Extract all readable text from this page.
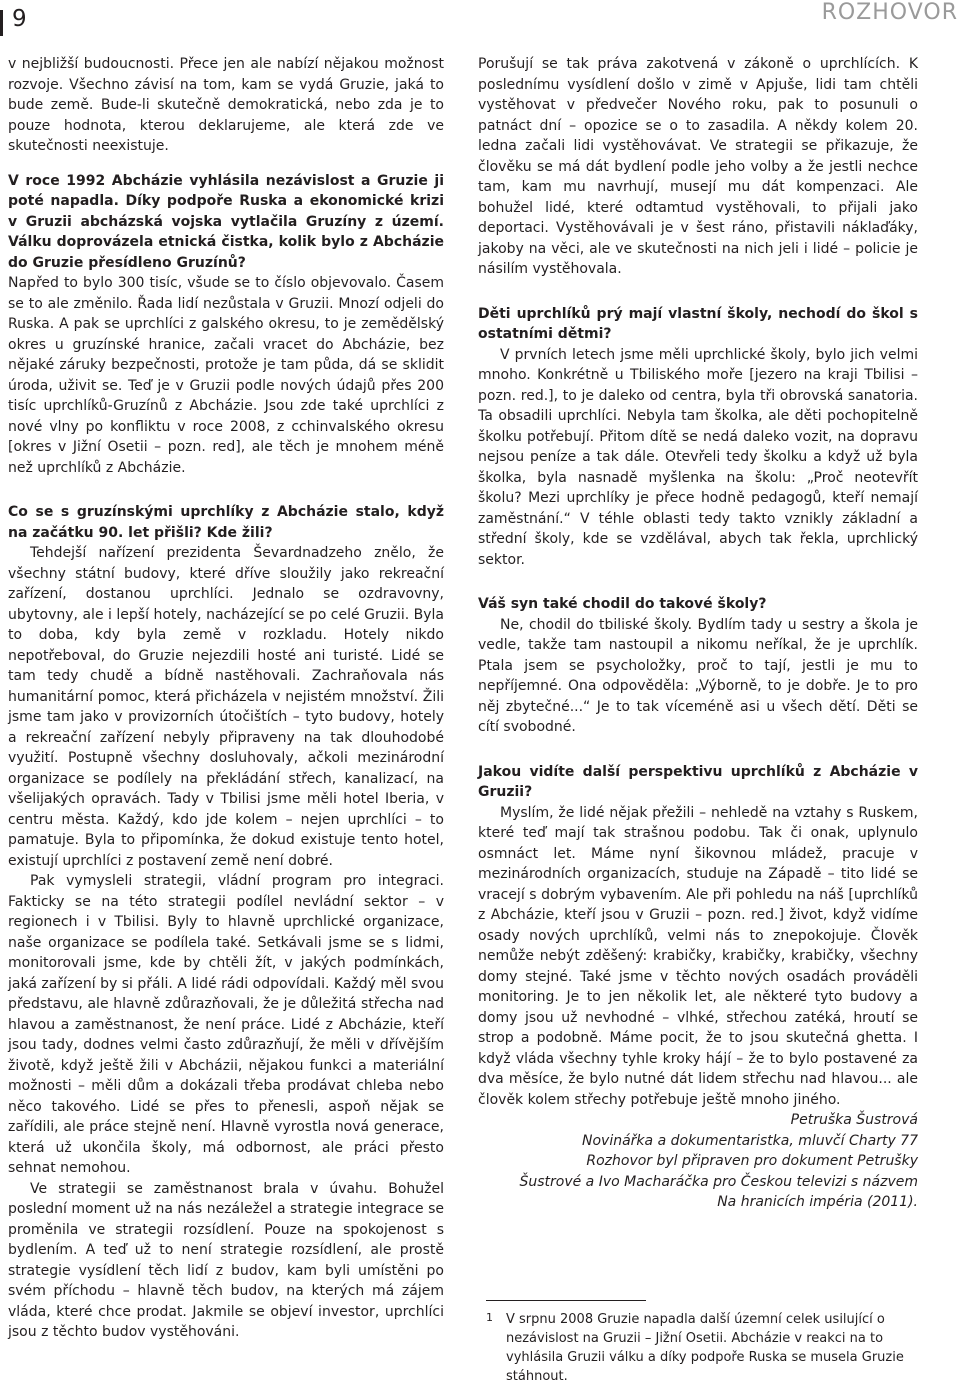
9	ROZHOVOR

v nejbližší budoucnosti. Přece jen ale nabízí nějakou možnost rozvoje. Všechno závisí na tom, kam se vydá Gruzie, jaká to bude země. Bude-li skutečně demokratická, nebo zda je to pouze hodnota, kterou deklarujeme, ale která zde ve skutečnosti neexistuje.

V roce 1992 Abcházie vyhlásila nezávislost a Gruzie ji poté napadla. Díky podpoře Ruska a ekonomické krizi v Gruzii abcházská vojska vytlačila Gruzíny z území. Válku doprovázela etnická čistka, kolik bylo z Abcházie do Gruzie přesídleno Gruzínů?

Napřed to bylo 300 tisíc, všude se to číslo objevovalo. Časem se to ale změnilo. Řada lidí nezůstala v Gruzii. Mnozí odjeli do Ruska. A pak se uprchlíci z galského okresu, to je zemědělský okres u gruzínské hranice, začali vracet do Abcházie, bez nějaké záruky bezpečnosti, protože je tam půda, dá se sklidit úroda, uživit se. Teď je v Gruzii podle nových údajů přes 200 tisíc uprchlíků-Gruzínů z Abcházie. Jsou zde také uprchlíci z nové vlny po konfliktu v roce 2008, z cchinvalského okresu [okres v Jižní Osetii – pozn. red], ale těch je mnohem méně než uprchlíků z Abcházie.

Co se s gruzínskými uprchlíky z Abcházie stalo, když na začátku 90. let přišli? Kde žili?

Tehdejší nařízení prezidenta Ševardnadzeho znělo, že všechny státní budovy, které dříve sloužily jako rekreační zařízení, dostanou uprchlíci. Jednalo se ozdravovny, ubytovny, ale i lepší hotely, nacházející se po celé Gruzii. Byla to doba, kdy byla země v rozkladu. Hotely nikdo nepotřeboval, do Gruzie nejezdili hosté ani turisté. Lidé se tam tedy chudě a bídně nastěhovali. Zachraňovala nás humanitární pomoc, která přicházela v nejistém množství. Žili jsme tam jako v provizorních útočištích – tyto budovy, hotely a rekreační zařízení nebyly připraveny na tak dlouhodobé využití. Postupně všechny dosluhovaly, ačkoli mezinárodní organizace se podílely na překládání střech, kanalizací, na všelijakých opravách. Tady v Tbilisi jsme měli hotel Iberia, v centru města. Každý, kdo jde kolem – nejen uprchlíci – to pamatuje. Byla to připomínka, že dokud existuje tento hotel, existují uprchlíci z postavení země není dobré.

Pak vymysleli strategii, vládní program pro integraci. Fakticky se na této strategii podílel nevládní sektor – v regionech i v Tbilisi. Byly to hlavně uprchlické organizace, naše organizace se podílela také. Setkávali jsme se s lidmi, monitorovali jsme, kde by chtěli žít, v jakých podmínkách, jaká zařízení by si přáli. A lidé rádi odpovídali. Každý měl svou představu, ale hlavně zdůrazňovali, že je důležitá střecha nad hlavou a zaměstnanost, že není práce. Lidé z Abcházie, kteří jsou tady, dodnes velmi často zdůrazňují, že měli v dřívějším životě, když ještě žili v Abcházii, nějakou funkci a materiální možnosti – měli dům a dokázali třeba prodávat chleba nebo něco takového. Lidé se přes to přenesli, aspoň nějak se zařídili, ale práce stejně není. Hlavně vyrostla nová generace, která už ukončila školy, má odbornost, ale práci přesto sehnat nemohou.

Ve strategii se zaměstnanost brala v úvahu. Bohužel poslední moment už na nás nezáležel a strategie integrace se proměnila ve strategii rozsídlení. Pouze na spokojenost s bydlením. A teď už to není strategie rozsídlení, ale prostě strategie vysídlení těch lidí z budov, kam byli umístěni po svém příchodu – hlavně těch budov, na kterých má zájem vláda, které chce prodat. Jakmile se objeví investor, uprchlíci jsou z těchto budov vystěhováni.

Porušují se tak práva zakotvená v zákoně o uprchlících. K poslednímu vysídlení došlo v zimě v Apjuše, lidi tam chtěli vystěhovat v předvečer Nového roku, pak to posunuli o patnáct dní – opozice se o to zasadila. A někdy kolem 20. ledna začali lidi vystěhovávat. Ve strategii se přikazuje, že člověku se má dát bydlení podle jeho volby a že jestli nechce tam, kam mu navrhují, musejí mu dát kompenzaci. Ale bohužel lidé, které odtamtud vystěhovali, to přijali jako deportaci. Vystěhovávali je v šest ráno, přistavili náklaďáky, jakoby na věci, ale ve skutečnosti na nich jeli i lidé – policie je násilím vystěhovala.

Děti uprchlíků prý mají vlastní školy, nechodí do škol s ostatními dětmi?

V prvních letech jsme měli uprchlické školy, bylo jich velmi mnoho. Konkrétně u Tbiliského moře [jezero na kraji Tbilisi – pozn. red.], to je daleko od centra, byla tři obrovská sanatoria. Ta obsadili uprchlíci. Nebyla tam školka, ale děti pochopitelně školku potřebují. Přitom dítě se nedá daleko vozit, na dopravu nejsou peníze a tak dále. Otevřeli tedy školku a když už byla školka, byla nasnadě myšlenka na školu: „Proč neotevřít školu? Mezi uprchlíky je přece hodně pedagogů, kteří nemají zaměstnání.“ V téhle oblasti tedy takto vznikly základní a střední školy, kde se vzdělával, abych tak řekla, uprchlický sektor.

Váš syn také chodil do takové školy?

Ne, chodil do tbiliské školy. Bydlím tady u sestry a škola je vedle, takže tam nastoupil a nikomu neříkal, že je uprchlík. Ptala jsem se psycholožky, proč to tají, jestli je mu to nepříjemné. Ona odpověděla: „Výborně, to je dobře. Je to pro něj zbytečné...“ Je to tak víceméně asi u všech dětí. Děti se cítí svobodné.

Jakou vidíte další perspektivu uprchlíků z Abcházie v Gruzii?

Myslím, že lidé nějak přežili – nehledě na vztahy s Ruskem, které teď mají tak strašnou podobu. Tak či onak, uplynulo osmnáct let. Máme nyní šikovnou mládež, pracuje v mezinárodních organizacích, studuje na Západě – tito lidé se vracejí s dobrým vybavením. Ale při pohledu na náš [uprchlíků z Abcházie, kteří jsou v Gruzii – pozn. red.] život, když vidíme osady nových uprchlíků, velmi nás to znepokojuje. Člověk nemůže nebýt zděšený: krabičky, krabičky, krabičky, všechny domy stejné. Také jsme v těchto nových osadách prováděli monitoring. Je to jen několik let, ale některé tyto budovy a domy jsou už nevhodné – vlhké, střechou zatéká, hroutí se strop a podobně. Máme pocit, že to jsou skutečná ghetta. I když vláda všechny tyhle kroky hájí – že to bylo postavené za dva měsíce, že bylo nutné dát lidem střechu nad hlavou... ale člověk kolem střechy potřebuje ještě mnoho jiného.

Petruška Šustrová

Novinářka a dokumentaristka, mluvčí Charty 77

Rozhovor byl připraven pro dokument Petrušky

Šustrové a Ivo Macharáčka pro Českou televizi s názvem

Na hranicích impéria (2011).

1 V srpnu 2008 Gruzie napadla další územní celek usilující o nezávislost na Gruzii – Jižní Osetii. Abcházie v reakci na to vyhlásila Gruzii válku a díky podpoře Ruska se musela Gruzie stáhnout.
